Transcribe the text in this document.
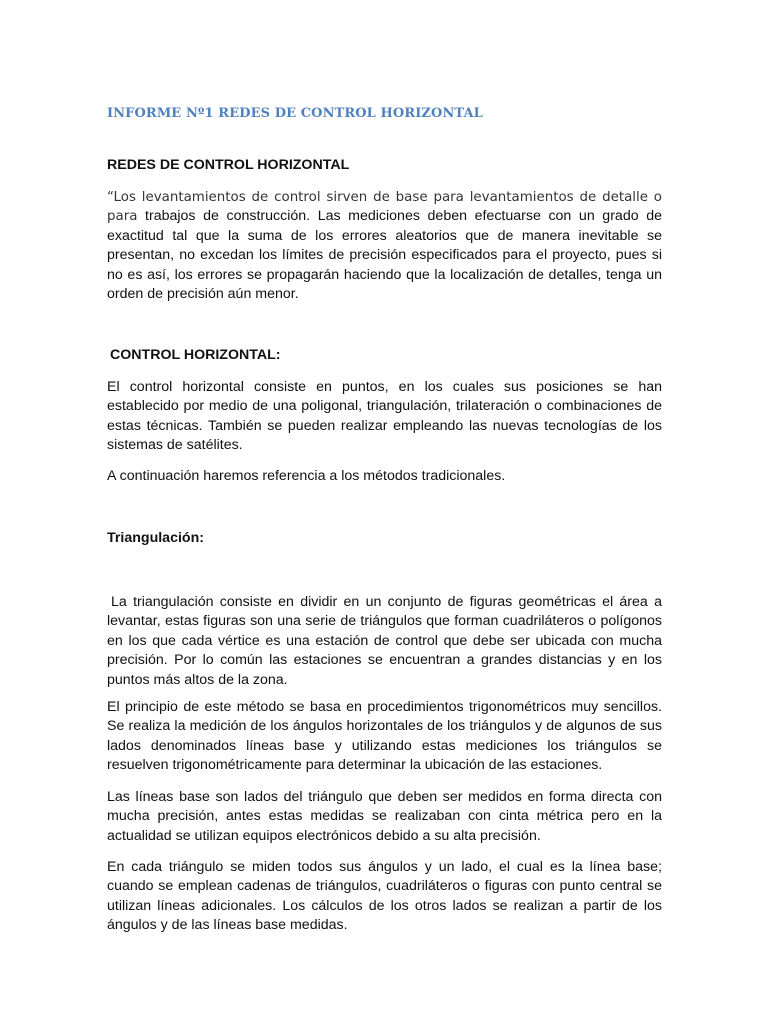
INFORME Nº1 REDES DE CONTROL HORIZONTAL
REDES DE CONTROL HORIZONTAL

“Los levantamientos de control sirven de base para levantamientos de detalle o para trabajos de construcción. Las mediciones deben efectuarse con un grado de exactitud tal que la suma de los errores aleatorios que de manera inevitable se presentan, no excedan los límites de precisión especificados para el proyecto, pues si no es así, los errores se propagarán haciendo que la localización de detalles, tenga un orden de precisión aún menor.

CONTROL HORIZONTAL:

El control horizontal consiste en puntos, en los cuales sus posiciones se han establecido por medio de una poligonal, triangulación, trilateración o combinaciones de estas técnicas. También se pueden realizar empleando las nuevas tecnologías de los sistemas de satélites.

A continuación haremos referencia a los métodos tradicionales.

Triangulación:

La triangulación consiste en dividir en un conjunto de figuras geométricas el área a levantar, estas figuras son una serie de triángulos que forman cuadriláteros o polígonos en los que cada vértice es una estación de control que debe ser ubicada con mucha precisión. Por lo común las estaciones se encuentran a grandes distancias y en los puntos más altos de la zona.

El principio de este método se basa en procedimientos trigonométricos muy sencillos. Se realiza la medición de los ángulos horizontales de los triángulos y de algunos de sus lados denominados líneas base y utilizando estas mediciones los triángulos se resuelven trigonométricamente para determinar la ubicación de las estaciones.

Las líneas base son lados del triángulo que deben ser medidos en forma directa con mucha precisión, antes estas medidas se realizaban con cinta métrica pero en la actualidad se utilizan equipos electrónicos debido a su alta precisión.

En cada triángulo se miden todos sus ángulos y un lado, el cual es la línea base; cuando se emplean cadenas de triángulos, cuadriláteros o figuras con punto central se utilizan líneas adicionales. Los cálculos de los otros lados se realizan a partir de los ángulos y de las líneas base medidas.
